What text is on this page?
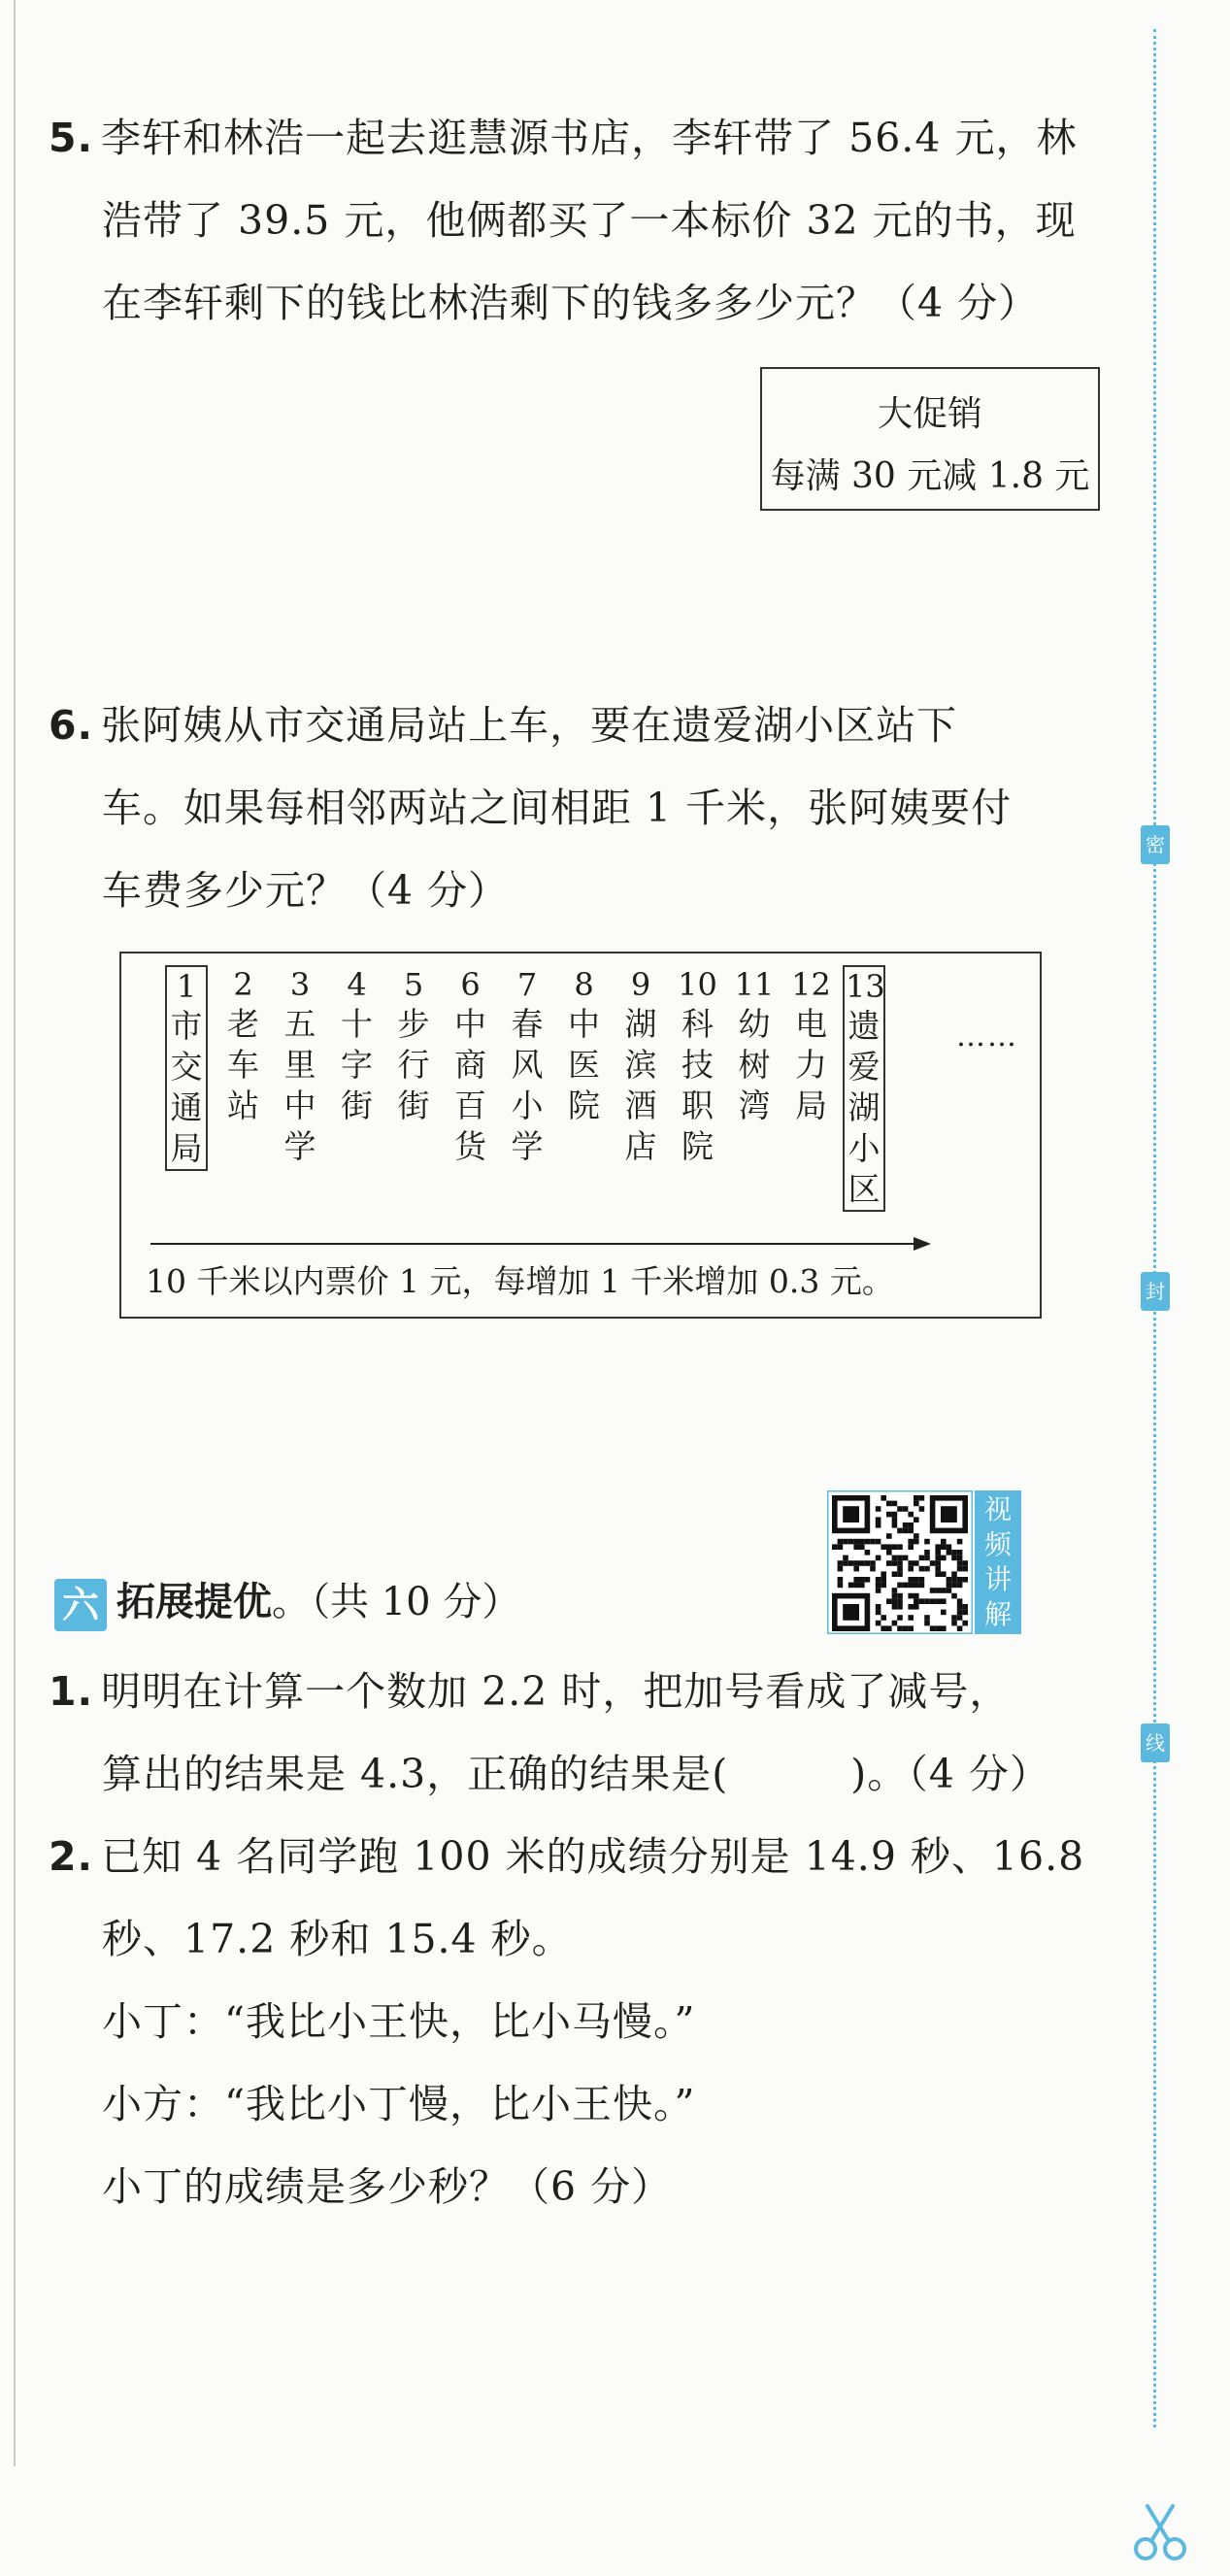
密
封
线
5. 李轩和林浩一起去逛慧源书店，李轩带了 56.4 元，林
浩带了 39.5 元，他俩都买了一本标价 32 元的书，现
在李轩剩下的钱比林浩剩下的钱多多少元？（4 分）
大促销
每满 30 元减 1.8 元
6. 张阿姨从市交通局站上车，要在遗爱湖小区站下
车。如果每相邻两站之间相距 1 千米，张阿姨要付
车费多少元？（4 分）
1
市
交
通
局
2
老
车
站
3
五
里
中
学
4
十
字
街
5
步
行
街
6
中
商
百
货
7
春
风
小
学
8
中
医
院
9
湖
滨
酒
店
10
科
技
职
院
11
幼
树
湾
12
电
力
局
13
遗
爱
湖
小
区
……
10 千米以内票价 1 元，每增加 1 千米增加 0.3 元。
视
频
讲
解
六 拓展提优。（共 10 分）
1. 明明在计算一个数加 2.2 时，把加号看成了减号，
算出的结果是 4.3，正确的结果是(　　　)。（4 分）
2. 已知 4 名同学跑 100 米的成绩分别是 14.9 秒、16.8
秒、17.2 秒和 15.4 秒。
小丁：“我比小王快，比小马慢。”
小方：“我比小丁慢，比小王快。”
小丁的成绩是多少秒？（6 分）
